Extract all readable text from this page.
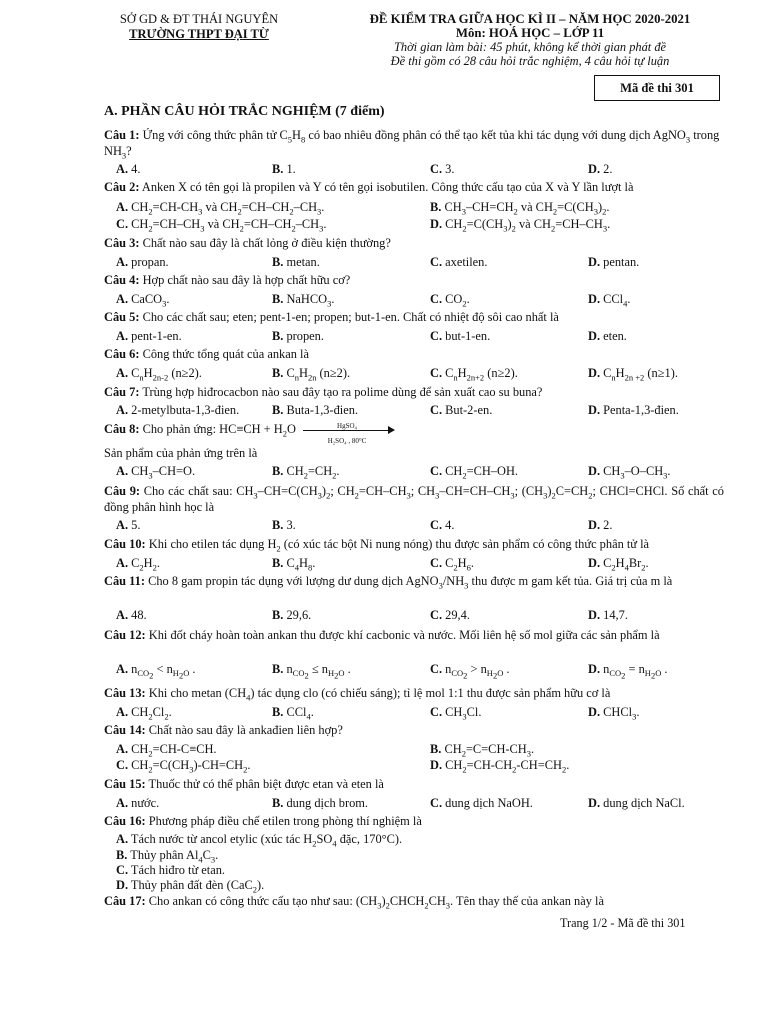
SỞ GD & ĐT THÁI NGUYÊN
TRƯỜNG THPT ĐẠI TỪ
ĐỀ KIỂM TRA GIỮA HỌC KÌ II – NĂM HỌC 2020-2021
Môn: HOÁ HỌC – LỚP 11
Thời gian làm bài: 45 phút, không kể thời gian phát đề
Đề thi gồm có 28 câu hỏi trắc nghiệm, 4 câu hỏi tự luận
Mã đề thi 301
A. PHẦN CÂU HỎI TRẮC NGHIỆM (7 điểm)
Câu 1: Ứng với công thức phân tử $C_5H_8$ có bao nhiêu đồng phân có thể tạo kết tủa khi tác dụng với dung dịch AgNO$_3$ trong $NH_3$?
A. 4.	B. 1.	C. 3.	D. 2.
Câu 2: Anken X có tên gọi là propilen và Y có tên gọi isobutilen. Công thức cấu tạo của X và Y lần lượt là
A. $CH_2=CH-CH_3$ và $CH_2=CH-CH_2-CH_3$.	B. $CH_3-CH=CH_2$ và $CH_2=C(CH_3)_2$.
C. $CH_2=CH-CH_3$ và $CH_2=CH-CH_2-CH_3$.	D. $CH_2=C(CH_3)_2$ và $CH_2=CH-CH_3$.
Câu 3: Chất nào sau đây là chất lỏng ở điều kiện thường?
A. propan.	B. metan.	C. axetilen.	D. pentan.
Câu 4: Hợp chất nào sau đây là hợp chất hữu cơ?
A. CaCO$_3$.	B. NaHCO$_3$.	C. $CO_2$.	D. CCl$_4$.
Câu 5: Cho các chất sau; eten; pent-1-en; propen; but-1-en. Chất có nhiệt độ sôi cao nhất là
A. pent-1-en.	B. propen.	C. but-1-en.	D. eten.
Câu 6: Công thức tổng quát của ankan là
A. $C_nH_{2n-2}$ (n≥2).	B. $C_nH_{2n}$ (n≥2).	C. $C_nH_{2n+2}$ (n≥2).	D. $C_nH_{2n +2}$ (n≥1).
Câu 7: Trùng hợp hiđrocacbon nào sau đây tạo ra polime dùng để sản xuất cao su buna?
A. 2-metylbuta-1,3-đien.	B. Buta-1,3-đien.	C. But-2-en.	D. Penta-1,3-đien.
Câu 8: Cho phản ứng: $HC\equiv CH + H_2O$	HgSO₄
H₂SO₄ , 80°C
Sản phẩm của phản ứng trên là
A. $CH_3-CH=O$.	B. $CH_2=CH_2$.	C. $CH_2=CH-OH$.	D. $CH_3-O-CH_3$.
Câu 9: Cho các chất sau: $CH_3-CH=C(CH_3)_2$; $CH_2=CH-CH_3$; $CH_3-CH=CH-CH_3$; $(CH_3)_2C=CH_2$; CHCl=CHCl. Số chất có đồng phân hình học là
A. 5.	B. 3.	C. 4.	D. 2.
Câu 10: Khi cho etilen tác dụng $H_2$ (có xúc tác bột Ni nung nóng) thu được sản phẩm có công thức phân tử là
A. $C_2H_2$.	B. $C_4H_8$.	C. $C_2H_6$.	D. $C_2H_4Br_2$.
Câu 11: Cho 8 gam propin tác dụng với lượng dư dung dịch $AgNO_3/NH_3$ thu được m gam kết tủa. Giá trị của m là
A. 48.	B. 29,6.	C. 29,4.	D. 14,7.
Câu 12: Khi đốt cháy hoàn toàn ankan thu được khí cacbonic và nước. Mối liên hệ số mol giữa các sản phẩm là
A. $n_{CO_2} < n_{H_2O}$ .	B. $n_{CO_2} \le n_{H_2O}$ .	C. $n_{CO_2} > n_{H_2O}$ .	D. $n_{CO_2} = n_{H_2O}$ .
Câu 13: Khi cho metan $(CH_4)$ tác dụng clo (có chiếu sáng); tỉ lệ mol 1:1 thu được sản phẩm hữu cơ là
A. $CH_2Cl_2$.	B. CCl$_4$.	C. $CH_3Cl$.	D. CHCl$_3$.
Câu 14: Chất nào sau đây là ankađien liên hợp?
A. $CH_2=CH-C\equiv CH$.	B. $CH_2=C=CH-CH_3$.
C. $CH_2=C(CH_3)-CH=CH_2$.	D. $CH_2=CH-CH_2-CH=CH_2$.
Câu 15: Thuốc thử có thể phân biệt được etan và eten là
A. nước.	B. dung dịch brom.	C. dung dịch NaOH.	D. dung dịch NaCl.
Câu 16: Phương pháp điều chế etilen trong phòng thí nghiệm là
A. Tách nước từ ancol etylic (xúc tác $H_2SO_4$ đặc, 170°C).
B. Thủy phân $Al_4C_3$.
C. Tách hiđro từ etan.
D. Thủy phân đất đèn (CaC$_2$).
Câu 17: Cho ankan có công thức cấu tạo như sau: $(CH_3)_2CHCH_2CH_3$. Tên thay thế của ankan này là
Trang 1/2 - Mã đề thi 301
